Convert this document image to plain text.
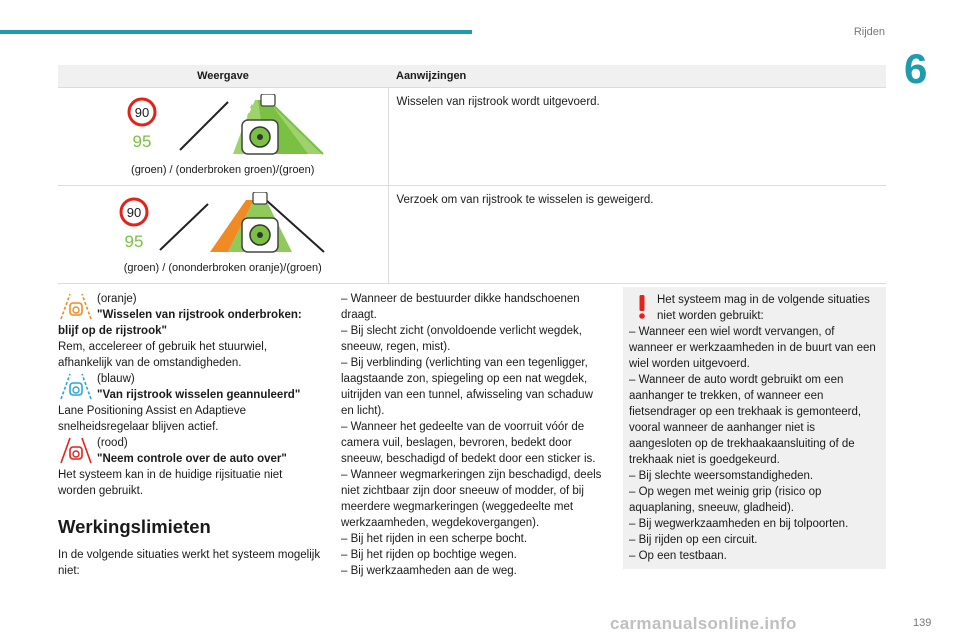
Rijden
6
Weergave	Aanwijzingen

90
95
(groen) / (onderbroken groen)/(groen)	Wisselen van rijstrook wordt uitgevoerd.

90
95
(groen) / (ononderbroken oranje)/(groen)	Verzoek om van rijstrook te wisselen is geweigerd.

(oranje)

"Wisselen van rijstrook onderbroken: blijf op de rijstrook"

Rem, accelereer of gebruik het stuurwiel, afhankelijk van de omstandigheden.

(blauw)

"Van rijstrook wisselen geannuleerd"

Lane Positioning Assist en Adaptieve snelheidsregelaar blijven actief.

(rood)

"Neem controle over de auto over"

Het systeem kan in de huidige rijsituatie niet worden gebruikt.

Werkingslimieten

In de volgende situaties werkt het systeem mogelijk niet:

– Wanneer de bestuurder dikke handschoenen draagt.
– Bij slecht zicht (onvoldoende verlicht wegdek, sneeuw, regen, mist).
– Bij verblinding (verlichting van een tegenligger, laagstaande zon, spiegeling op een nat wegdek, uitrijden van een tunnel, afwisseling van schaduw en licht).
– Wanneer het gedeelte van de voorruit vóór de camera vuil, beslagen, bevroren, bedekt door sneeuw, beschadigd of bedekt door een sticker is.
– Wanneer wegmarkeringen zijn beschadigd, deels niet zichtbaar zijn door sneeuw of modder, of bij meerdere wegmarkeringen (weggedeelte met werkzaamheden, wegdekovergangen).
– Bij het rijden in een scherpe bocht.
– Bij het rijden op bochtige wegen.
– Bij werkzaamheden aan de weg.
Het systeem mag in de volgende situaties niet worden gebruikt:
– Wanneer een wiel wordt vervangen, of wanneer er werkzaamheden in de buurt van een wiel worden uitgevoerd.
– Wanneer de auto wordt gebruikt om een aanhanger te trekken, of wanneer een fietsendrager op een trekhaak is gemonteerd, vooral wanneer de aanhanger niet is aangesloten op de trekhaakaansluiting of de trekhaak niet is goedgekeurd.
– Bij slechte weersomstandigheden.
– Op wegen met weinig grip (risico op aquaplaning, sneeuw, gladheid).
– Bij wegwerkzaamheden en bij tolpoorten.
– Bij rijden op een circuit.
– Op een testbaan.
carmanualsonline.info	139
